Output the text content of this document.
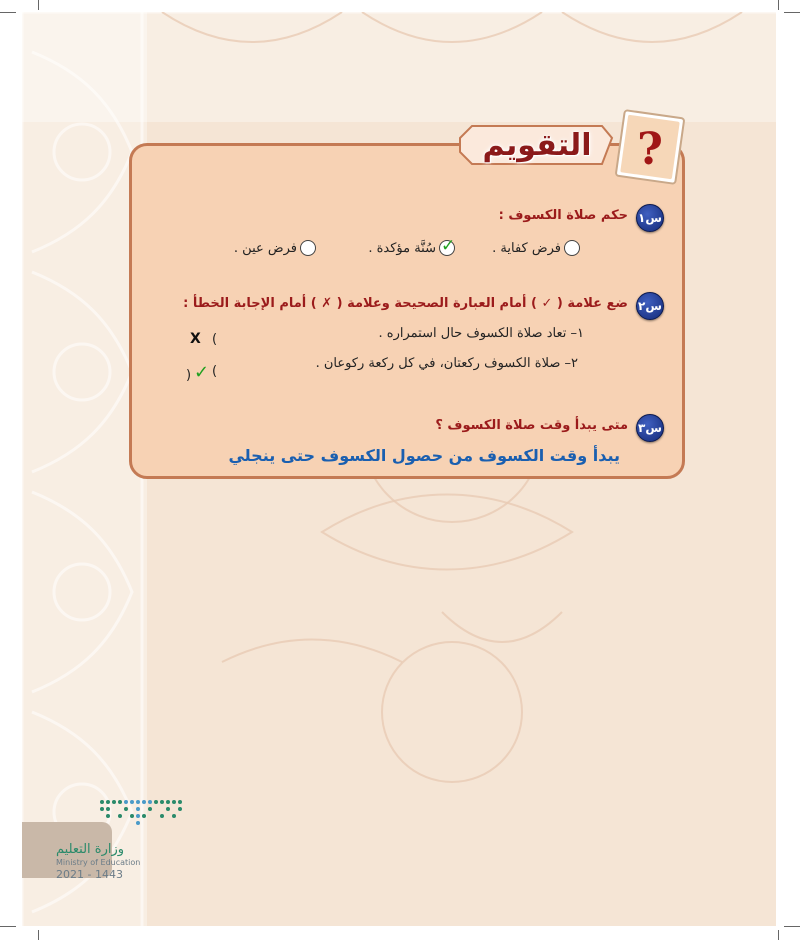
?
التقويم
س١
حكم صلاة الكسوف :
فرض كفاية .
✓
سُنَّة مؤكدة .
فرض عين .
س٢
ضع علامة ( ✓ ) أمام العبارة الصحيحة وعلامة ( ✗ ) أمام الإجابة الخطأ :
١– تعاد صلاة الكسوف حال استمراره .
(
X
٢– صلاة الكسوف ركعتان، في كل ركعة ركوعان .
(
✓
)
س٣
متى يبدأ وقت صلاة الكسوف ؟
يبدأ وقت الكسوف من حصول الكسوف حتى ينجلي
وزارة التعليم
Ministry of Education
2021 - 1443
